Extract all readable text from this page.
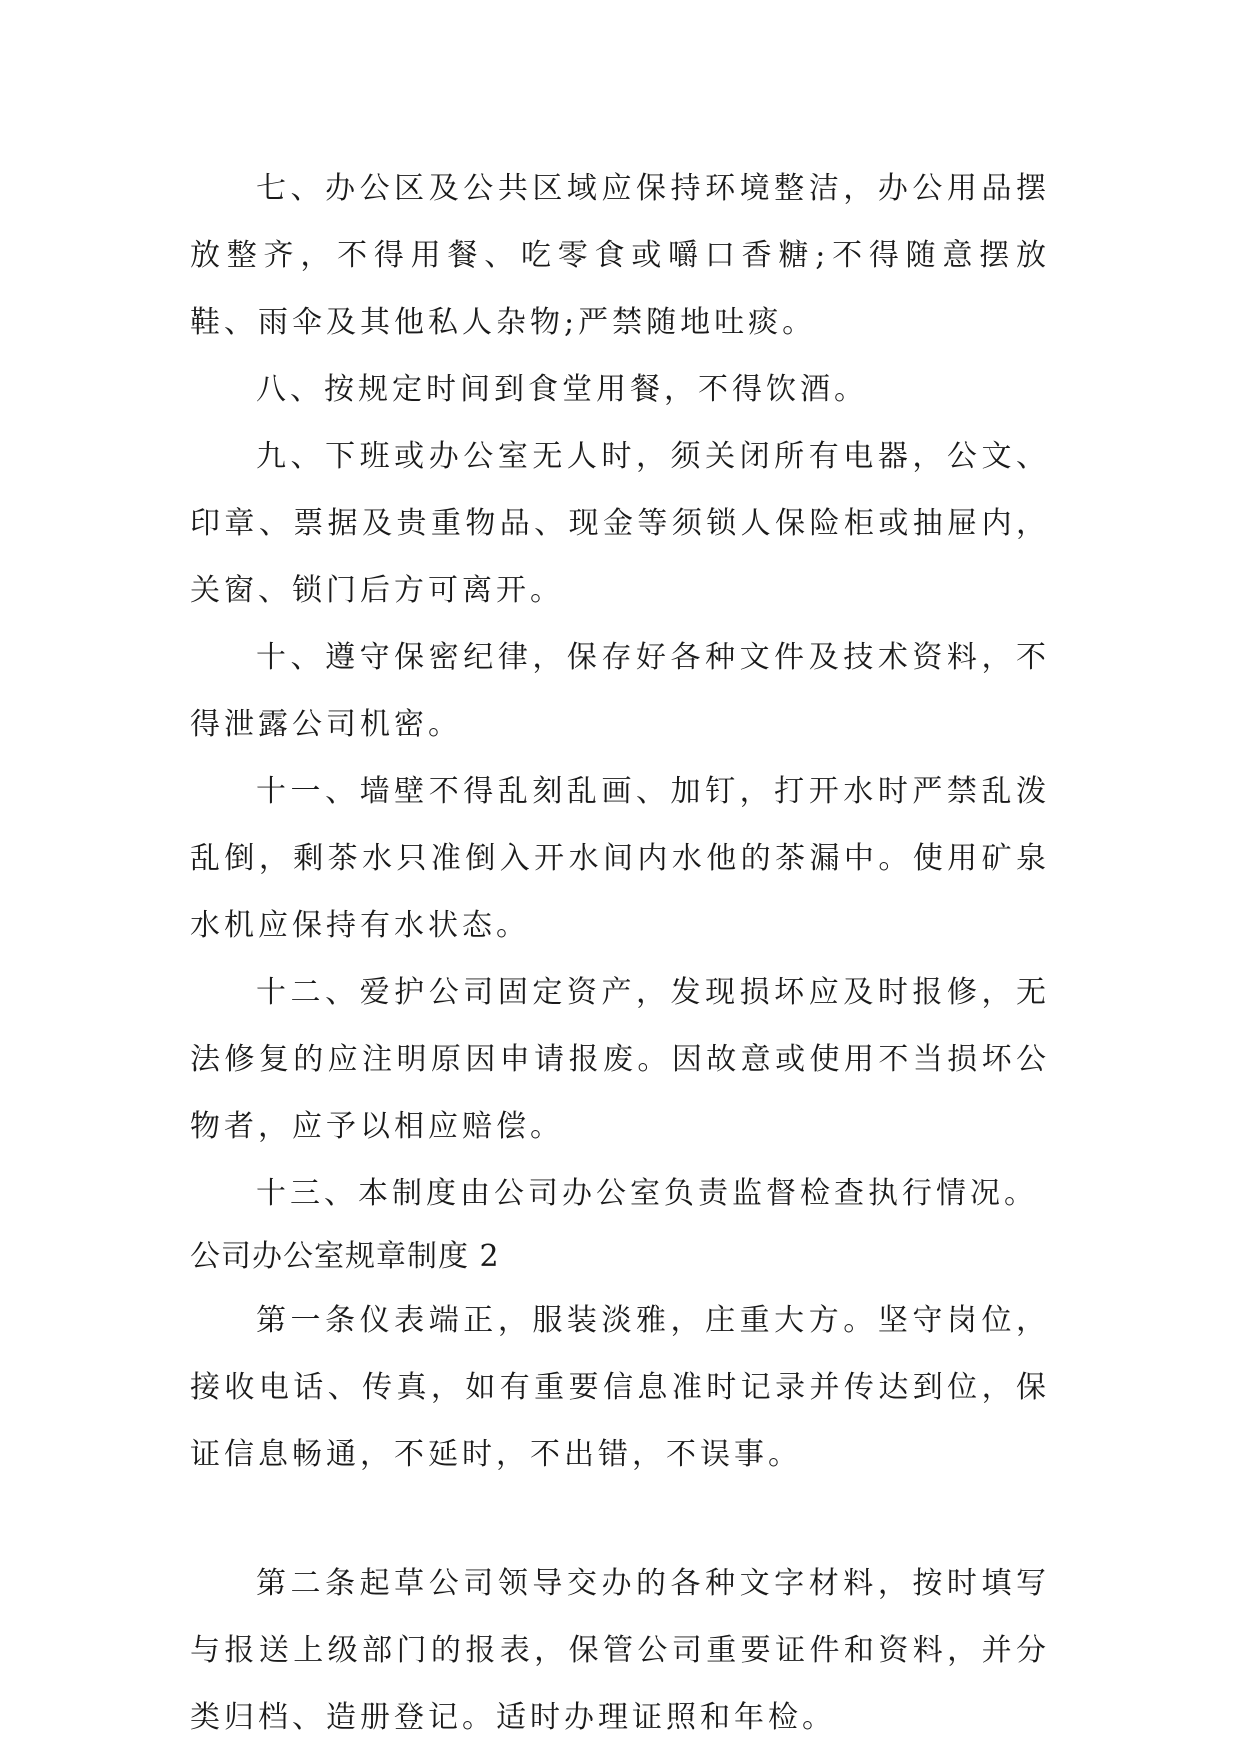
七、办公区及公共区域应保持环境整洁，办公用品摆放整齐，不得用餐、吃零食或嚼口香糖;不得随意摆放鞋、雨伞及其他私人杂物;严禁随地吐痰。

八、按规定时间到食堂用餐，不得饮酒。

九、下班或办公室无人时，须关闭所有电器，公文、印章、票据及贵重物品、现金等须锁人保险柜或抽屉内，关窗、锁门后方可离开。

十、遵守保密纪律，保存好各种文件及技术资料，不得泄露公司机密。

十一、墙壁不得乱刻乱画、加钉，打开水时严禁乱泼乱倒，剩茶水只准倒入开水间内水他的茶漏中。使用矿泉水机应保持有水状态。

十二、爱护公司固定资产，发现损坏应及时报修，无法修复的应注明原因申请报废。因故意或使用不当损坏公物者，应予以相应赔偿。

十三、本制度由公司办公室负责监督检查执行情况。

公司办公室规章制度 2

第一条仪表端正，服装淡雅，庄重大方。坚守岗位，接收电话、传真，如有重要信息准时记录并传达到位，保证信息畅通，不延时，不出错，不误事。

第二条起草公司领导交办的各种文字材料，按时填写与报送上级部门的报表，保管公司重要证件和资料，并分类归档、造册登记。适时办理证照和年检。
